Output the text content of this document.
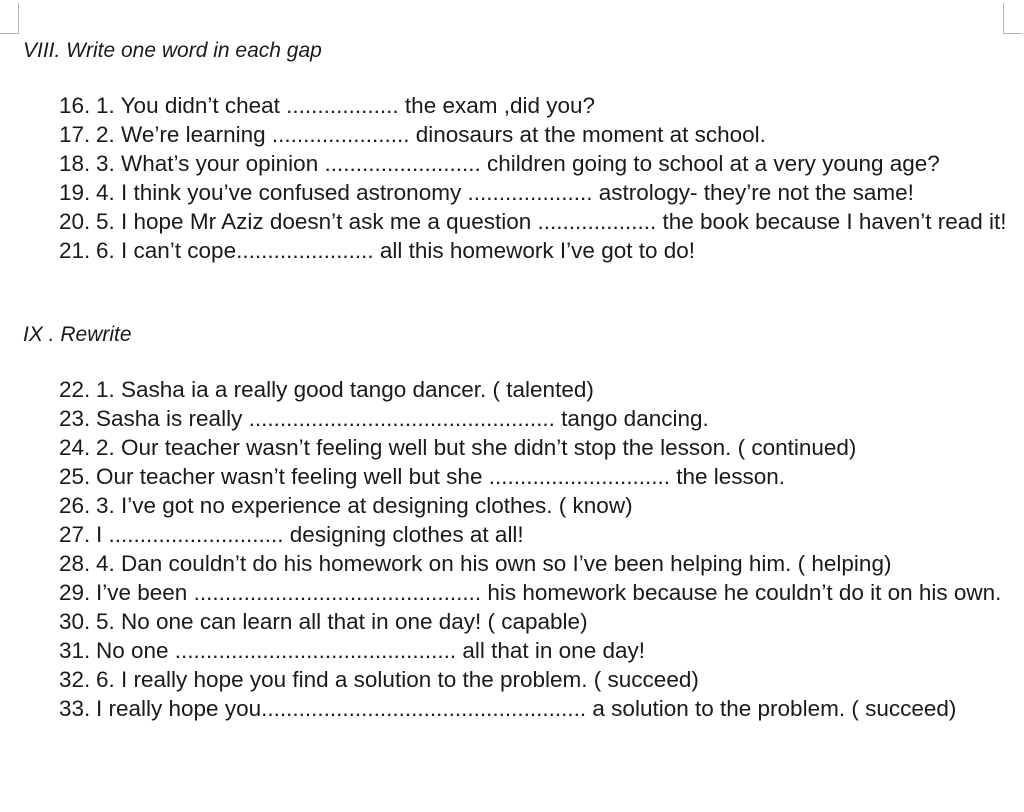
VIII. Write one word in each gap
16. 1. You didn’t cheat .................. the exam ,did you?
17. 2. We’re learning ...................... dinosaurs at the moment at school.
18. 3. What’s your opinion ......................... children going to school at a very young age?
19. 4. I think you’ve confused astronomy .................... astrology- they’re not the same!
20. 5. I hope Mr Aziz doesn’t ask me a question ................... the book because I haven’t read it!
21. 6. I can’t cope...................... all this homework I’ve got to do!
IX . Rewrite
22. 1. Sasha ia a really good tango dancer. ( talented)
23. Sasha is really ................................................. tango dancing.
24. 2. Our teacher wasn’t feeling well but she didn’t stop the lesson. ( continued)
25. Our teacher wasn’t feeling well but she ............................. the lesson.
26. 3. I’ve got no experience at designing clothes. ( know)
27. I ............................ designing clothes at all!
28. 4. Dan couldn’t do his homework on his own so I’ve been helping him. ( helping)
29. I’ve been .............................................. his homework because he couldn’t do it on his own.
30. 5. No one can learn all that in one day! ( capable)
31. No one ............................................. all that in one day!
32. 6. I really hope you find a solution to the problem. ( succeed)
33. I really hope you.................................................... a solution to the problem. ( succeed)
